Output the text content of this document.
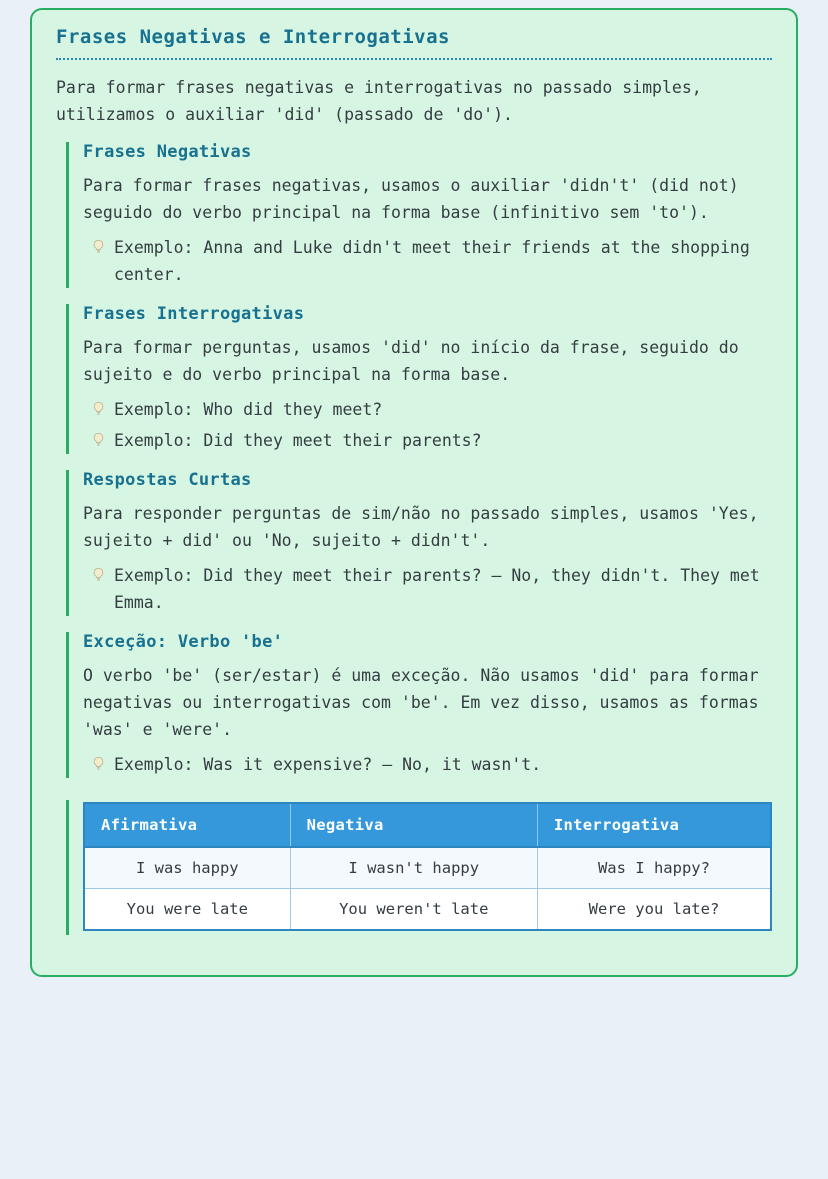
Frases Negativas e Interrogativas

Para formar frases negativas e interrogativas no passado simples, utilizamos o auxiliar 'did' (passado de 'do').

Frases Negativas

Para formar frases negativas, usamos o auxiliar 'didn't' (did not) seguido do verbo principal na forma base (infinitivo sem 'to').

Exemplo: Anna and Luke didn't meet their friends at the shopping center.
Frases Interrogativas

Para formar perguntas, usamos 'did' no início da frase, seguido do sujeito e do verbo principal na forma base.

Exemplo: Who did they meet?
Exemplo: Did they meet their parents?
Respostas Curtas

Para responder perguntas de sim/não no passado simples, usamos 'Yes, sujeito + did' ou 'No, sujeito + didn't'.

Exemplo: Did they meet their parents? – No, they didn't. They met Emma.
Exceção: Verbo 'be'

O verbo 'be' (ser/estar) é uma exceção. Não usamos 'did' para formar negativas ou interrogativas com 'be'. Em vez disso, usamos as formas 'was' e 'were'.

Exemplo: Was it expensive? – No, it wasn't.
Afirmativa	Negativa	Interrogativa
I was happy	I wasn't happy	Was I happy?
You were late	You weren't late	Were you late?
